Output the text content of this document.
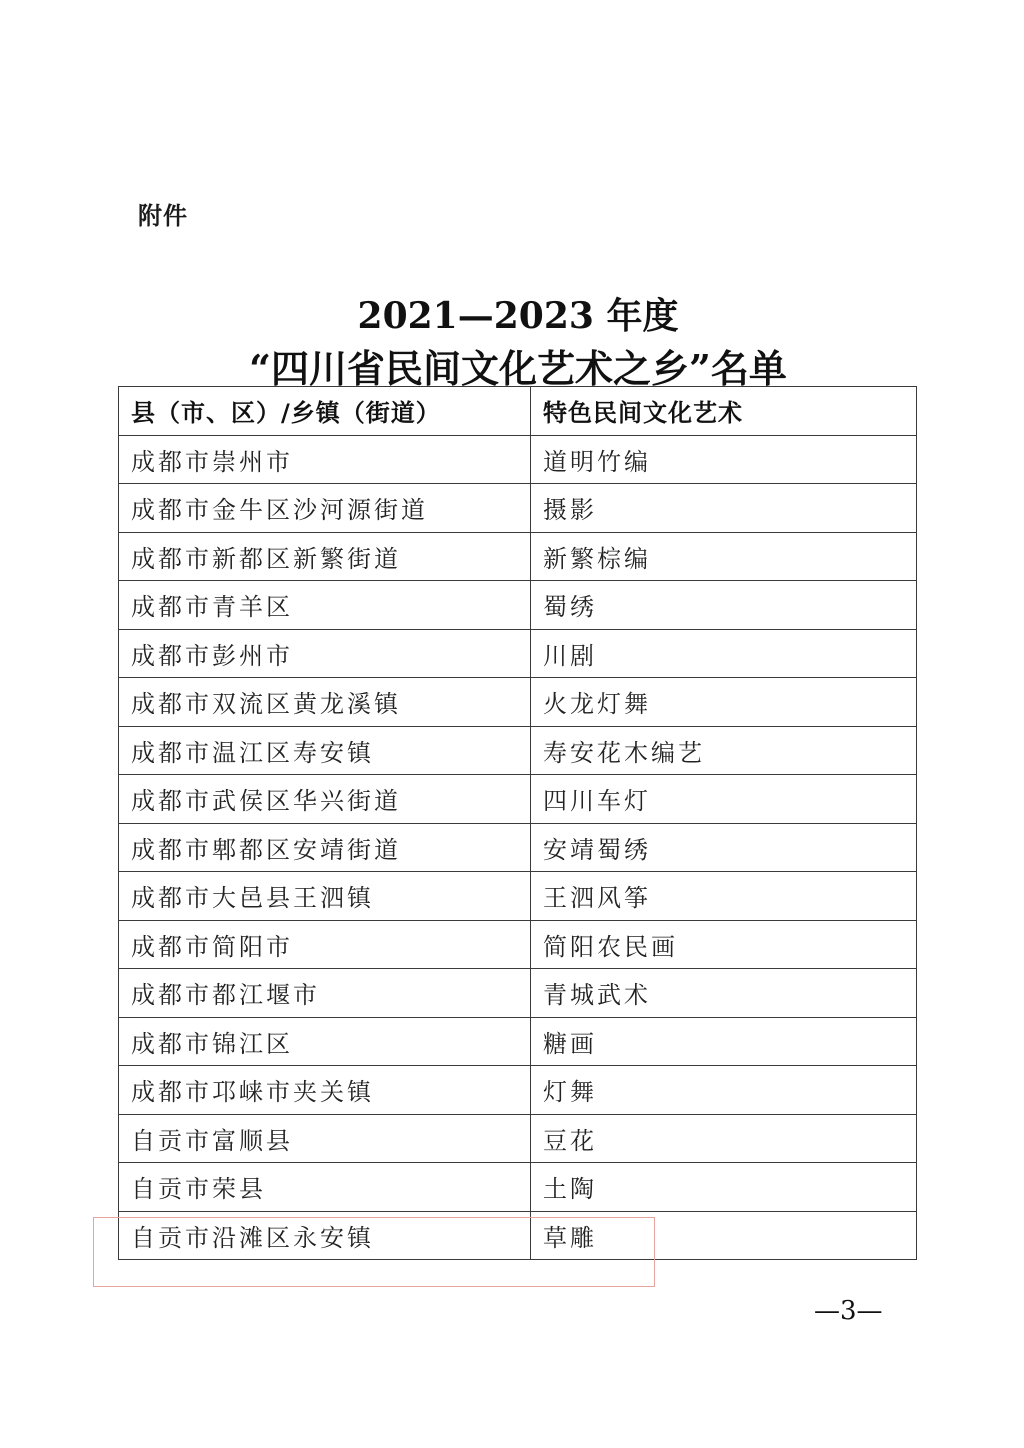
附件
2021—2023 年度
“四川省民间文化艺术之乡”名单
县（市、区）/乡镇（街道）	特色民间文化艺术
成都市崇州市	道明竹编
成都市金牛区沙河源街道	摄影
成都市新都区新繁街道	新繁棕编
成都市青羊区	蜀绣
成都市彭州市	川剧
成都市双流区黄龙溪镇	火龙灯舞
成都市温江区寿安镇	寿安花木编艺
成都市武侯区华兴街道	四川车灯
成都市郫都区安靖街道	安靖蜀绣
成都市大邑县王泗镇	王泗风筝
成都市简阳市	简阳农民画
成都市都江堰市	青城武术
成都市锦江区	糖画
成都市邛崃市夹关镇	灯舞
自贡市富顺县	豆花
自贡市荣县	土陶
自贡市沿滩区永安镇	草雕
—3—
